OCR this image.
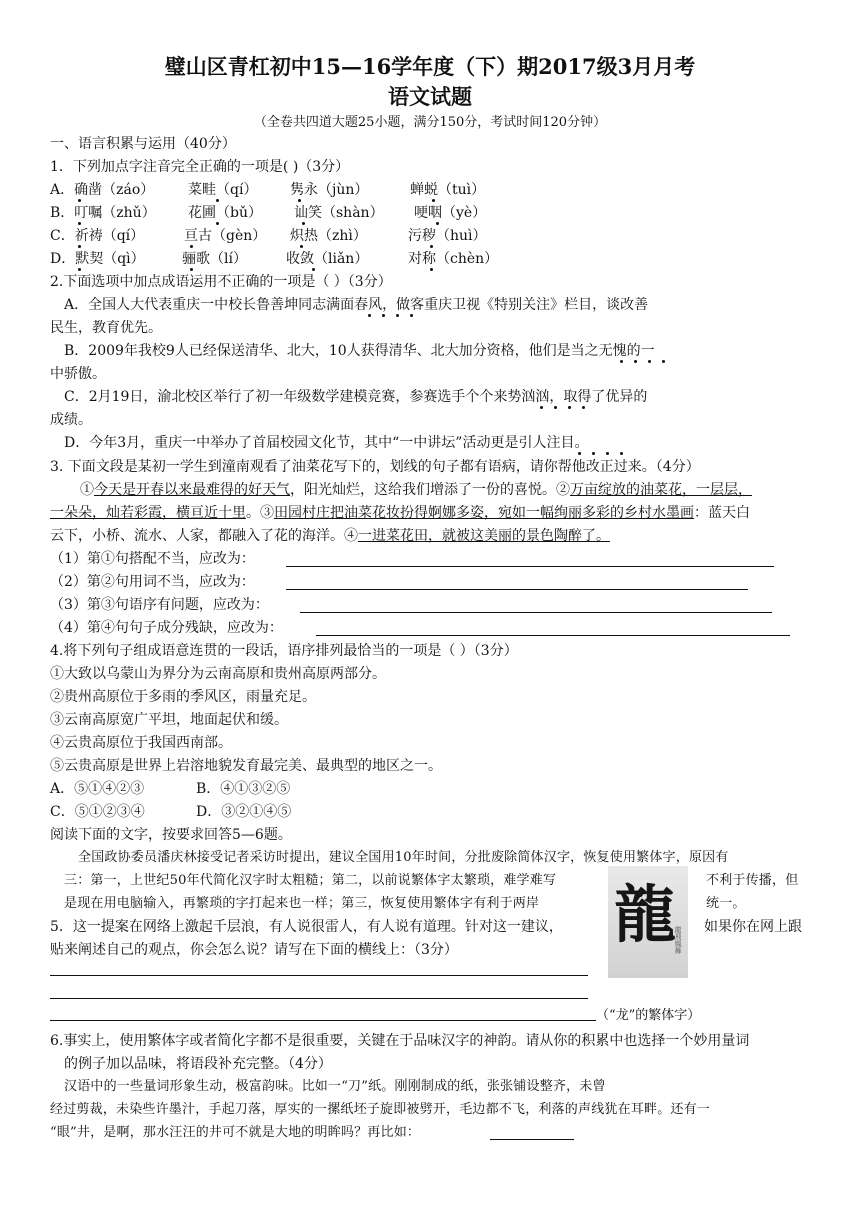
璧山区青杠初中15—16学年度（下）期2017级3月月考
语文试题
（全卷共四道大题25小题，满分150分，考试时间120分钟）
一、语言积累与运用（40分）
1．下列加点字注音完全正确的一项是( )（3分）
A．确凿（záo） 菜畦（qí） 隽永（jùn）	蝉蜕（tuì）
B．叮嘱（zhǔ） 花圃（bǔ） 讪笑（shàn） 哽咽（yè）
C．祈祷（qí）	亘古（gèn） 炽热（zhì）	污秽（huì）
D．默契（qì）	骊歌（lí）	收敛（liǎn）	对称（chèn）
2.下面选项中加点成语运用不正确的一项是（ ）（3分）
A．全国人大代表重庆一中校长鲁善坤同志满面春风，做客重庆卫视《特别关注》栏目，谈改善
民生，教育优先。
B．2009年我校9人已经保送清华、北大，10人获得清华、北大加分资格，他们是当之无愧的一
中骄傲。
C．2月19日，渝北校区举行了初一年级数学建模竞赛，参赛选手个个来势汹汹，取得了优异的
成绩。
D．今年3月，重庆一中举办了首届校园文化节，其中“一中讲坛”活动更是引人注目。
3. 下面文段是某初一学生到潼南观看了油菜花写下的，划线的句子都有语病，请你帮他改正过来。（4分）
①今天是开春以来最难得的好天气，阳光灿烂，这给我们增添了一份的喜悦。②万亩绽放的油菜花，一层层，
一朵朵，灿若彩霞，横亘近十里。③田园村庄把油菜花妆扮得婀娜多姿，宛如一幅绚丽多彩的乡村水墨画：蓝天白
云下，小桥、流水、人家，都融入了花的海洋。④一进菜花田，就被这美丽的景色陶醉了。
（1）第①句搭配不当，应改为：
（2）第②句用词不当，应改为：
（3）第③句语序有问题，应改为：
（4）第④句句子成分残缺，应改为：
4.将下列句子组成语意连贯的一段话，语序排列最恰当的一项是（ ）（3分）
①大致以乌蒙山为界分为云南高原和贵州高原两部分。
②贵州高原位于多雨的季风区，雨量充足。
③云南高原宽广平坦，地面起伏和缓。
④云贵高原位于我国西南部。
⑤云贵高原是世界上岩溶地貌发育最完美、最典型的地区之一。
A．⑤①④②③	B．④①③②⑤
C．⑤①②③④	D．③②①④⑤
阅读下面的文字，按要求回答5—6题。
全国政协委员潘庆林接受记者采访时提出，建议全国用10年时间，分批废除简体汉字，恢复使用繁体字，原因有
三：第一，上世纪50年代简化汉字时太粗糙；第二，以前说繁体字太繁琐，难学难写	不利于传播，但
是现在用电脑输入，再繁琐的字打起来也一样；第三，恢复使用繁体字有利于两岸	统一。
龍
龍飛鳳舞
5．这一提案在网络上激起千层浪，有人说很雷人，有人说有道理。针对这一建议，	如果你在网上跟
贴来阐述自己的观点，你会怎么说？请写在下面的横线上：（3分）
（“龙”的繁体字）
6.事实上，使用繁体字或者简化字都不是很重要，关键在于品味汉字的神韵。请从你的积累中也选择一个妙用量词
的例子加以品味，将语段补充完整。（4分）
汉语中的一些量词形象生动，极富韵味。比如一“刀”纸。刚刚制成的纸，张张铺设整齐，未曾
经过剪裁，未染些许墨汁，手起刀落，厚实的一摞纸坯子旋即被劈开，毛边都不飞，利落的声线犹在耳畔。还有一
“眼”井，是啊，那水汪汪的井可不就是大地的明眸吗？再比如：
